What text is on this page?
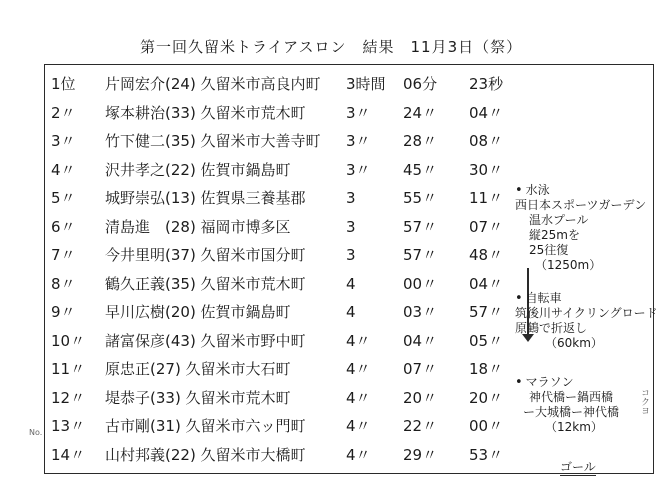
第一回久留米トライアスロン　結果　11月3日（祭）
1位	片岡宏介(24) 久留米市高良内町 3時間 06分 23秒
2〃	塚本耕治(33) 久留米市荒木町	3〃 24〃 04〃
3〃	竹下健二(35) 久留米市大善寺町 3〃 28〃 08〃
4〃	沢井孝之(22) 佐賀市鍋島町	3〃 45〃 30〃
5〃	城野崇弘(13) 佐賀県三養基郡	3	55〃 11〃
6〃	清島進　(28) 福岡市博多区	3	57〃 07〃
7〃	今井里明(37) 久留米市国分町	3	57〃 48〃
8〃	鶴久正義(35) 久留米市荒木町	4	00〃 04〃
9〃	早川広樹(20) 佐賀市鍋島町	4	03〃 57〃
10〃	諸富保彦(43) 久留米市野中町	4〃 04〃 05〃
11〃	原忠正(27) 久留米市大石町	4〃 07〃 18〃
12〃	堤恭子(33) 久留米市荒木町	4〃 20〃 20〃
13〃	古市剛(31) 久留米市六ッ門町	4〃 22〃 00〃
14〃	山村邦義(22) 久留米市大橋町	4〃 29〃 53〃
• 水泳
西日本スポーツガーデン
温水プール
縦25mを
25往復
（1250m）
• 自転車
筑後川サイクリングロード
原鶴で折返し
（60km）
• マラソン
神代橋ー鍋西橋
ー大城橋ー神代橋
（12km）
ゴール
コクヨ
No.
